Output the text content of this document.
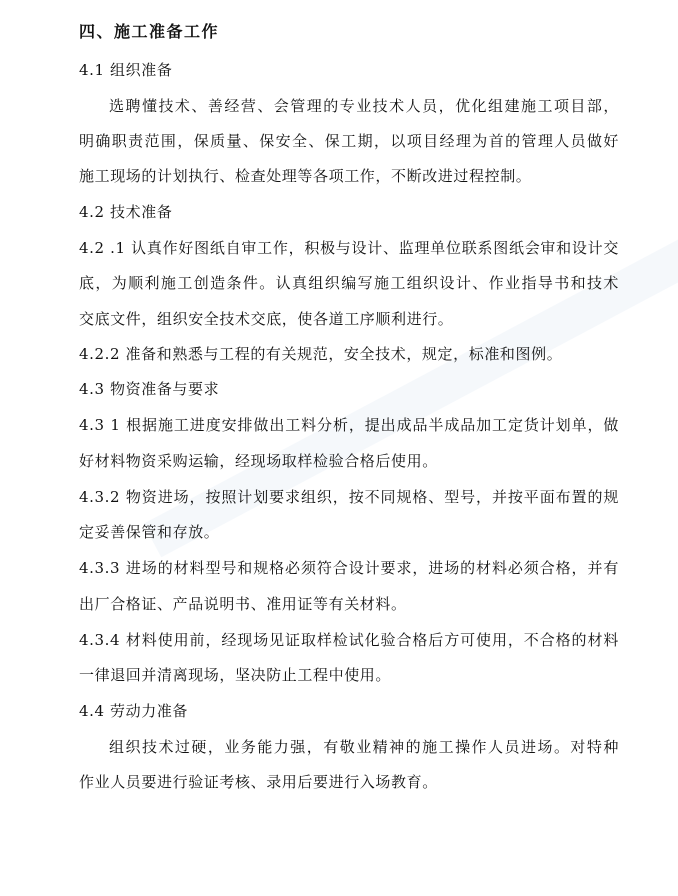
四、施工准备工作
4.1 组织准备
选聘懂技术、善经营、会管理的专业技术人员，优化组建施工项目部，
明确职责范围，保质量、保安全、保工期，以项目经理为首的管理人员做好
施工现场的计划执行、检查处理等各项工作，不断改进过程控制。
4.2 技术准备
4.2 .1 认真作好图纸自审工作，积极与设计、监理单位联系图纸会审和设计交
底，为顺利施工创造条件。认真组织编写施工组织设计、作业指导书和技术
交底文件，组织安全技术交底，使各道工序顺利进行。
4.2.2 准备和熟悉与工程的有关规范，安全技术，规定，标准和图例。
4.3 物资准备与要求
4.3 1 根据施工进度安排做出工料分析，提出成品半成品加工定货计划单，做
好材料物资采购运输，经现场取样检验合格后使用。
4.3.2 物资进场，按照计划要求组织，按不同规格、型号，并按平面布置的规
定妥善保管和存放。
4.3.3 进场的材料型号和规格必须符合设计要求，进场的材料必须合格，并有
出厂合格证、产品说明书、准用证等有关材料。
4.3.4 材料使用前，经现场见证取样检试化验合格后方可使用，不合格的材料
一律退回并清离现场，坚决防止工程中使用。
4.4 劳动力准备
组织技术过硬，业务能力强，有敬业精神的施工操作人员进场。对特种
作业人员要进行验证考核、录用后要进行入场教育。
